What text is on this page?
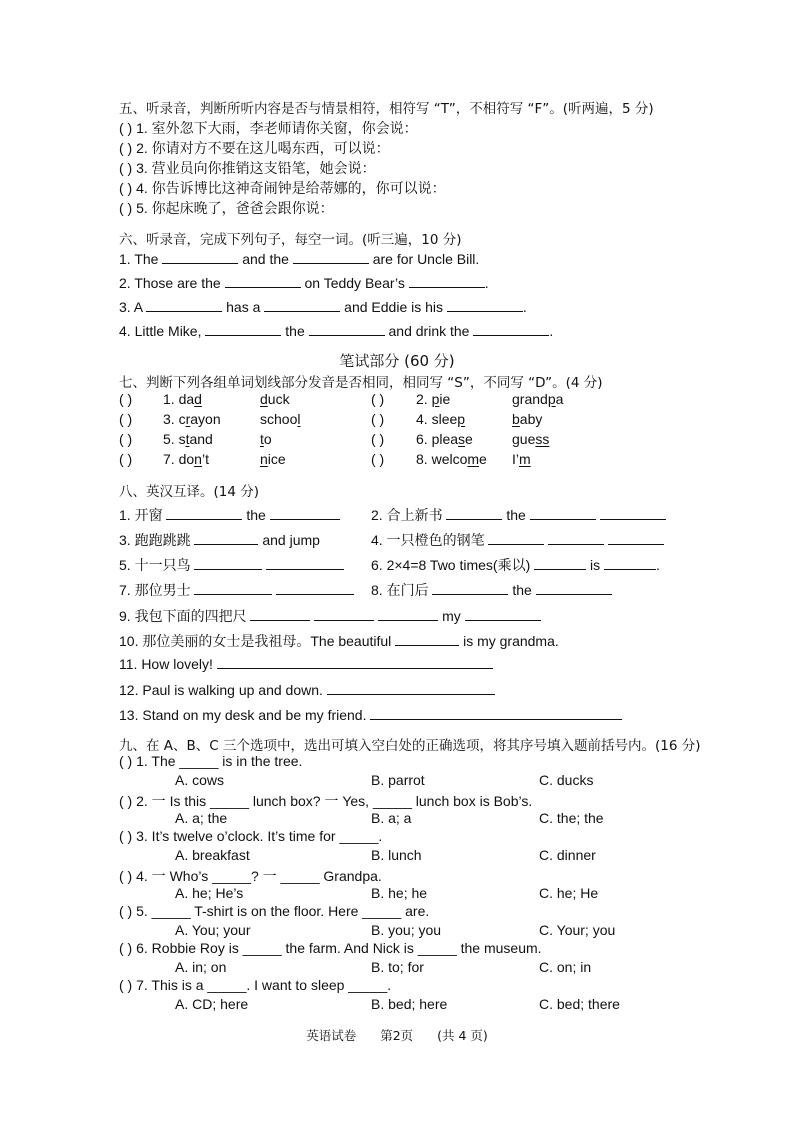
五、听录音，判断所听内容是否与情景相符，相符写 “T”，不相符写 “F”。(听两遍，5 分)
( ) 1. 室外忽下大雨，李老师请你关窗，你会说：
( ) 2. 你请对方不要在这儿喝东西，可以说：
( ) 3. 营业员向你推销这支铅笔，她会说：
( ) 4. 你告诉博比这神奇闹钟是给蒂娜的，你可以说：
( ) 5. 你起床晚了，爸爸会跟你说：
六、听录音，完成下列句子，每空一词。(听三遍，10 分)
1. The	and the	are for Uncle Bill.
2. Those are the	on Teddy Bear’s	.
3. A	has a	and Eddie is his	.
4. Little Mike,	the	and drink the	.
笔试部分 (60 分)
七、判断下列各组单词划线部分发音是否相同，相同写 “S”，不同写 “D”。(4 分)
( ) 1. dad	duck	( ) 2. pie	grandpa
( ) 3. crayon	school	( ) 4. sleep	baby
( ) 5. stand	to	( ) 6. please	guess
( ) 7. don’t	nice	( ) 8. welcome I’m
八、英汉互译。(14 分)
1. 开窗	the	2. 合上新书	the
3. 跑跑跳跳	and jump	4. 一只橙色的钢笔
5. 十一只鸟	6. 2×4=8 Two times(乘以)	is	.
7. 那位男士	8. 在门后	the
9. 我包下面的四把尺	my
10. 那位美丽的女士是我祖母。The beautiful	is my grandma.
11. How lovely!
12. Paul is walking up and down.
13. Stand on my desk and be my friend.
九、在 A、B、C 三个选项中，选出可填入空白处的正确选项，将其序号填入题前括号内。(16 分)
( ) 1. The _____ is in the tree.
A. cows	B. parrot	C. ducks
( ) 2. 一 Is this _____ lunch box? 一 Yes, _____ lunch box is Bob’s.
A. a; the	B. a; a	C. the; the
( ) 3. It’s twelve o’clock. It’s time for _____.
A. breakfast	B. lunch	C. dinner
( ) 4. 一 Who’s _____? 一 _____ Grandpa.
A. he; He’s	B. he; he	C. he; He
( ) 5. _____ T-shirt is on the floor. Here _____ are.
A. You; your	B. you; you	C. Your; you
( ) 6. Robbie Roy is _____ the farm. And Nick is _____ the museum.
A. in; on	B. to; for	C. on; in
( ) 7. This is a _____. I want to sleep _____.
A. CD; here	B. bed; here	C. bed; there
英语试卷 第2页 (共 4 页)
